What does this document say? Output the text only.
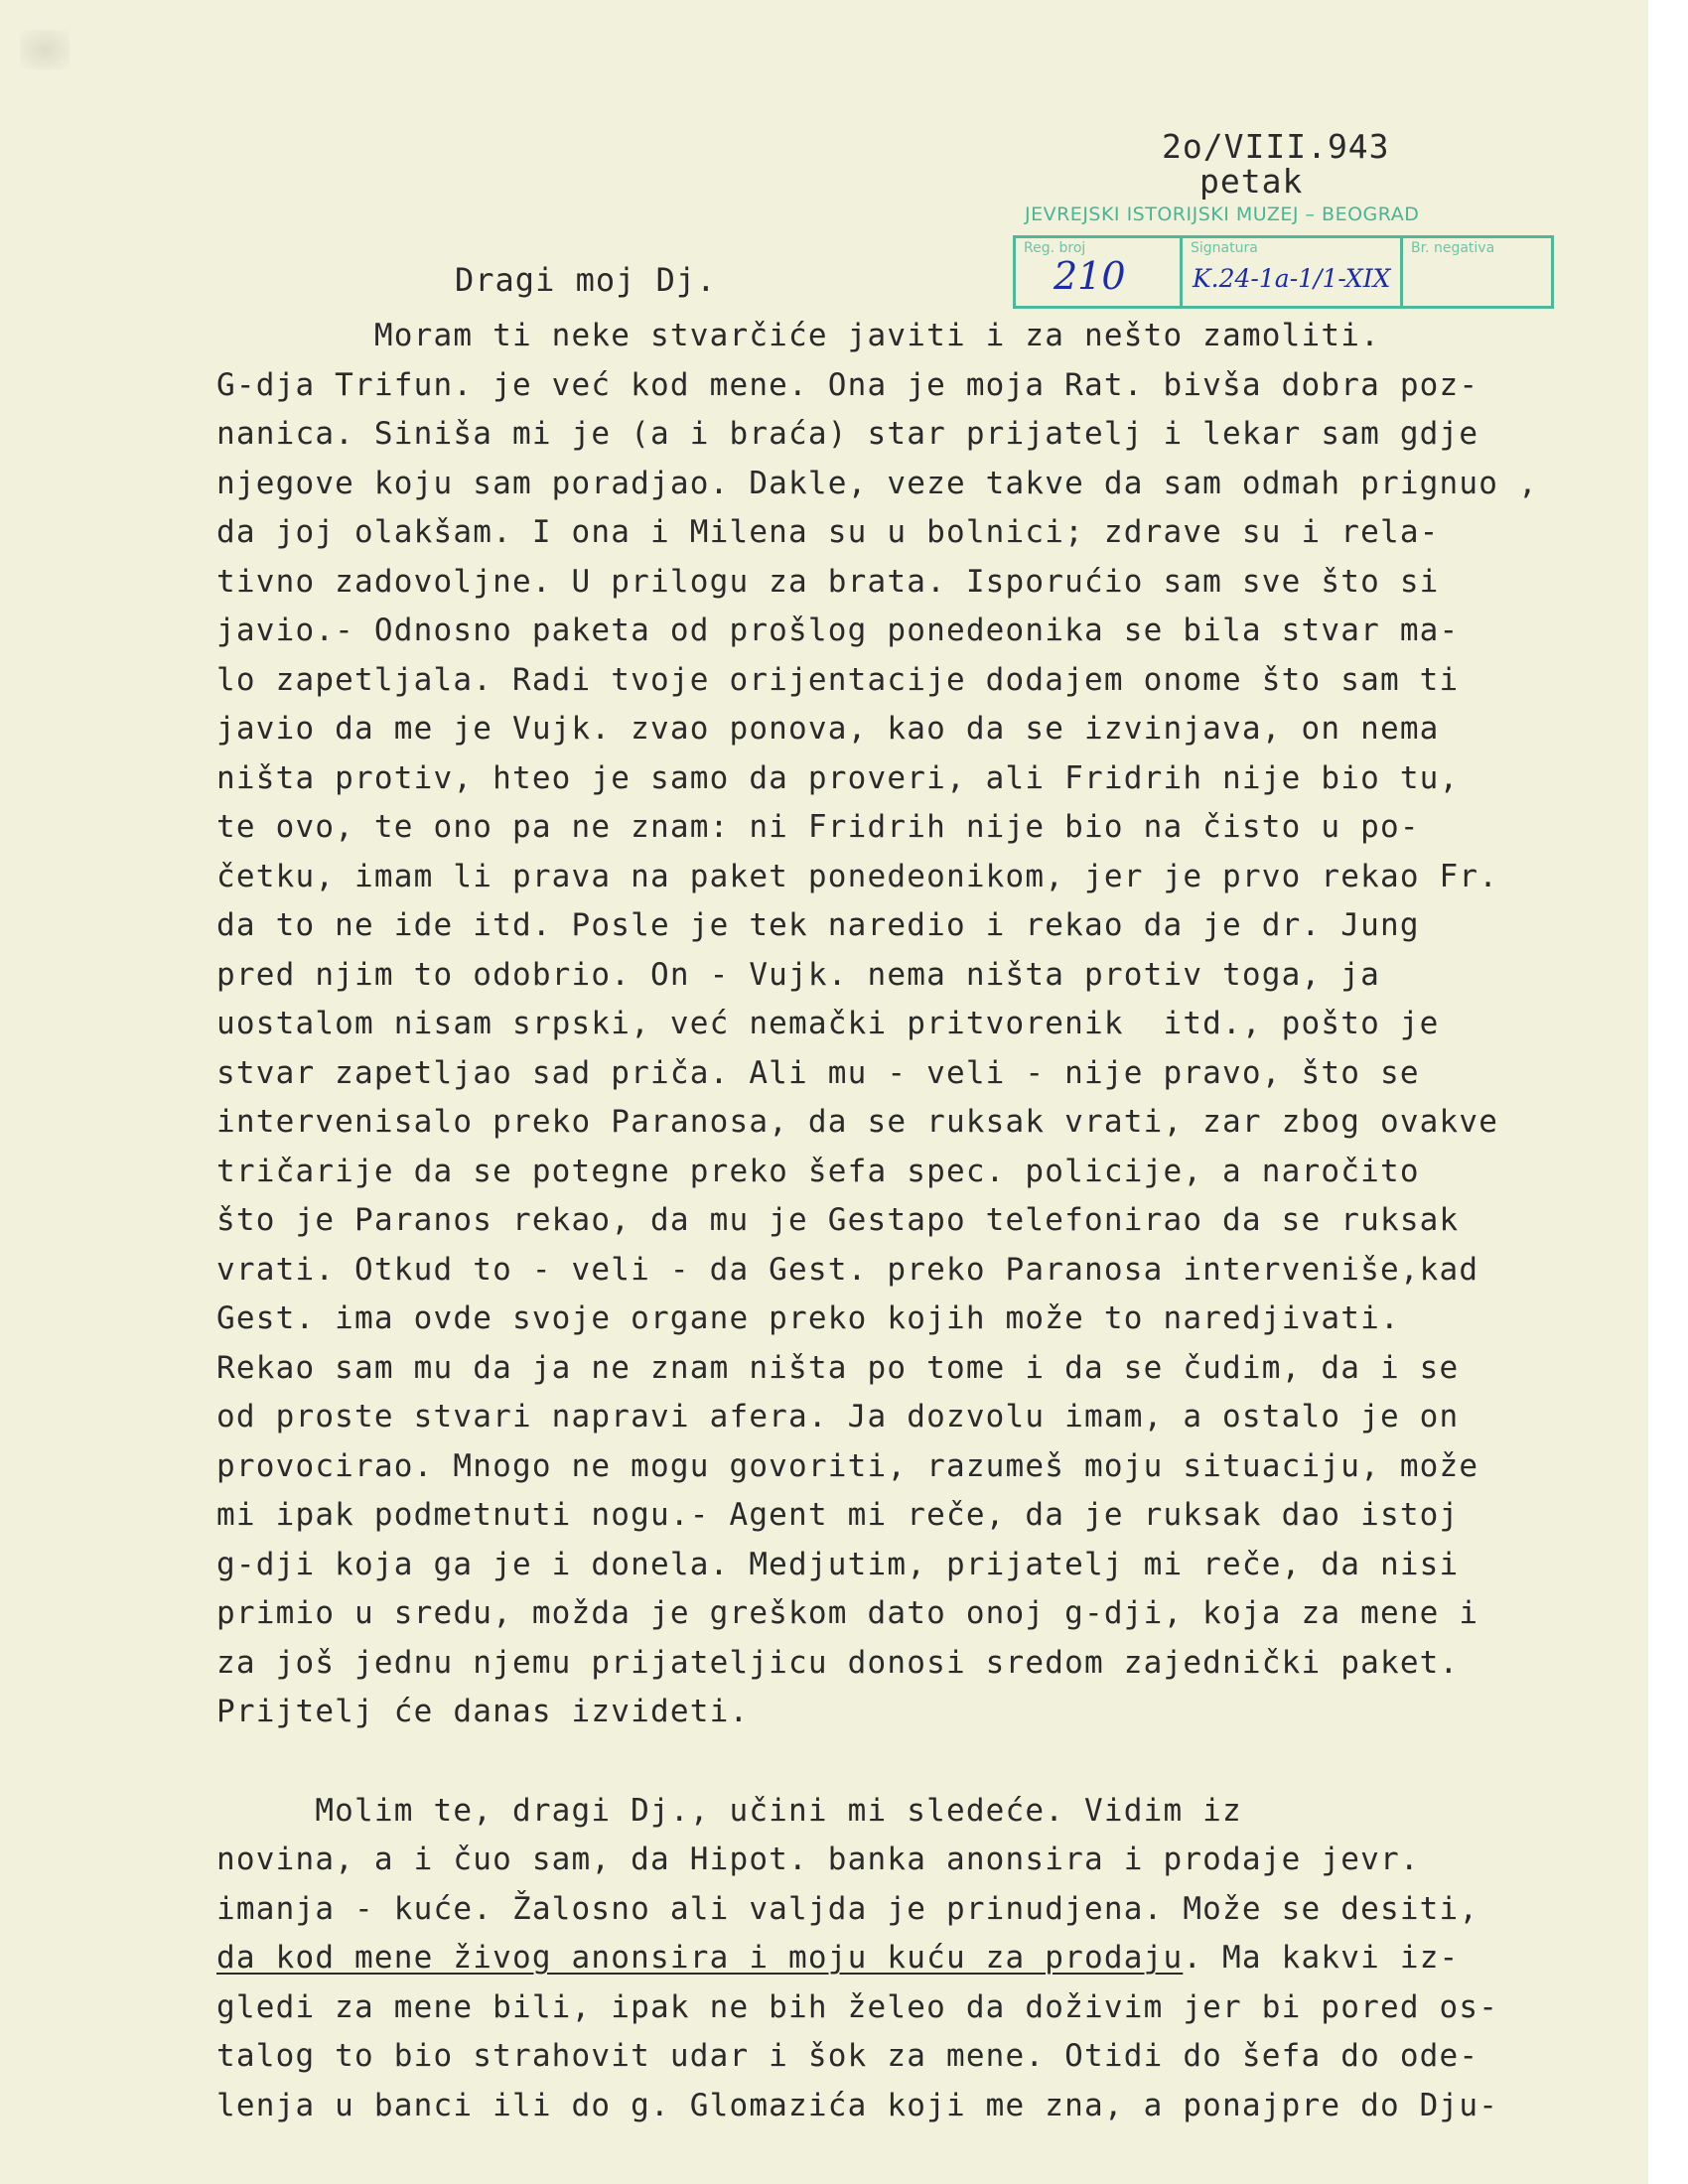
2o/VIII.943
petak
JEVREJSKI ISTORIJSKI MUZEJ – BEOGRAD
Reg. broj
210
Signatura
K.24-1a-1/1-XIX
Br. negativa
Dragi moj Dj.
Moram ti neke stvarčiće javiti i za nešto zamoliti.
G-dja Trifun. je već kod mene. Ona je moja Rat. bivša dobra poz-
nanica. Siniša mi je (a i braća) star prijatelj i lekar sam gdje
njegove koju sam poradjao. Dakle, veze takve da sam odmah prignuo ,
da joj olakšam. I ona i Milena su u bolnici; zdrave su i rela-
tivno zadovoljne. U prilogu za brata. Isporućio sam sve što si
javio.- Odnosno paketa od prošlog ponedeonika se bila stvar ma-
lo zapetljala. Radi tvoje orijentacije dodajem onome što sam ti
javio da me je Vujk. zvao ponova, kao da se izvinjava, on nema
ništa protiv, hteo je samo da proveri, ali Fridrih nije bio tu,
te ovo, te ono pa ne znam: ni Fridrih nije bio na čisto u po-
četku, imam li prava na paket ponedeonikom, jer je prvo rekao Fr.
da to ne ide itd. Posle je tek naredio i rekao da je dr. Jung
pred njim to odobrio. On - Vujk. nema ništa protiv toga, ja
uostalom nisam srpski, već nemački pritvorenik  itd., pošto je
stvar zapetljao sad priča. Ali mu - veli - nije pravo, što se
intervenisalo preko Paranosa, da se ruksak vrati, zar zbog ovakve
tričarije da se potegne preko šefa spec. policije, a naročito
što je Paranos rekao, da mu je Gestapo telefonirao da se ruksak
vrati. Otkud to - veli - da Gest. preko Paranosa interveniše,kad
Gest. ima ovde svoje organe preko kojih može to naredjivati.
Rekao sam mu da ja ne znam ništa po tome i da se čudim, da i se
od proste stvari napravi afera. Ja dozvolu imam, a ostalo je on
provocirao. Mnogo ne mogu govoriti, razumeš moju situaciju, može
mi ipak podmetnuti nogu.- Agent mi reče, da je ruksak dao istoj
g-dji koja ga je i donela. Medjutim, prijatelj mi reče, da nisi
primio u sredu, možda je greškom dato onoj g-dji, koja za mene i
za još jednu njemu prijateljicu donosi sredom zajednički paket.
Prijtelj će danas izvideti.
Molim te, dragi Dj., učini mi sledeće. Vidim iz
novina, a i čuo sam, da Hipot. banka anonsira i prodaje jevr.
imanja - kuće. Žalosno ali valjda je prinudjena. Može se desiti,
da kod mene živog anonsira i moju kuću za prodaju. Ma kakvi iz-
gledi za mene bili, ipak ne bih želeo da doživim jer bi pored os-
talog to bio strahovit udar i šok za mene. Otidi do šefa do ode-
lenja u banci ili do g. Glomazića koji me zna, a ponajpre do Dju-
